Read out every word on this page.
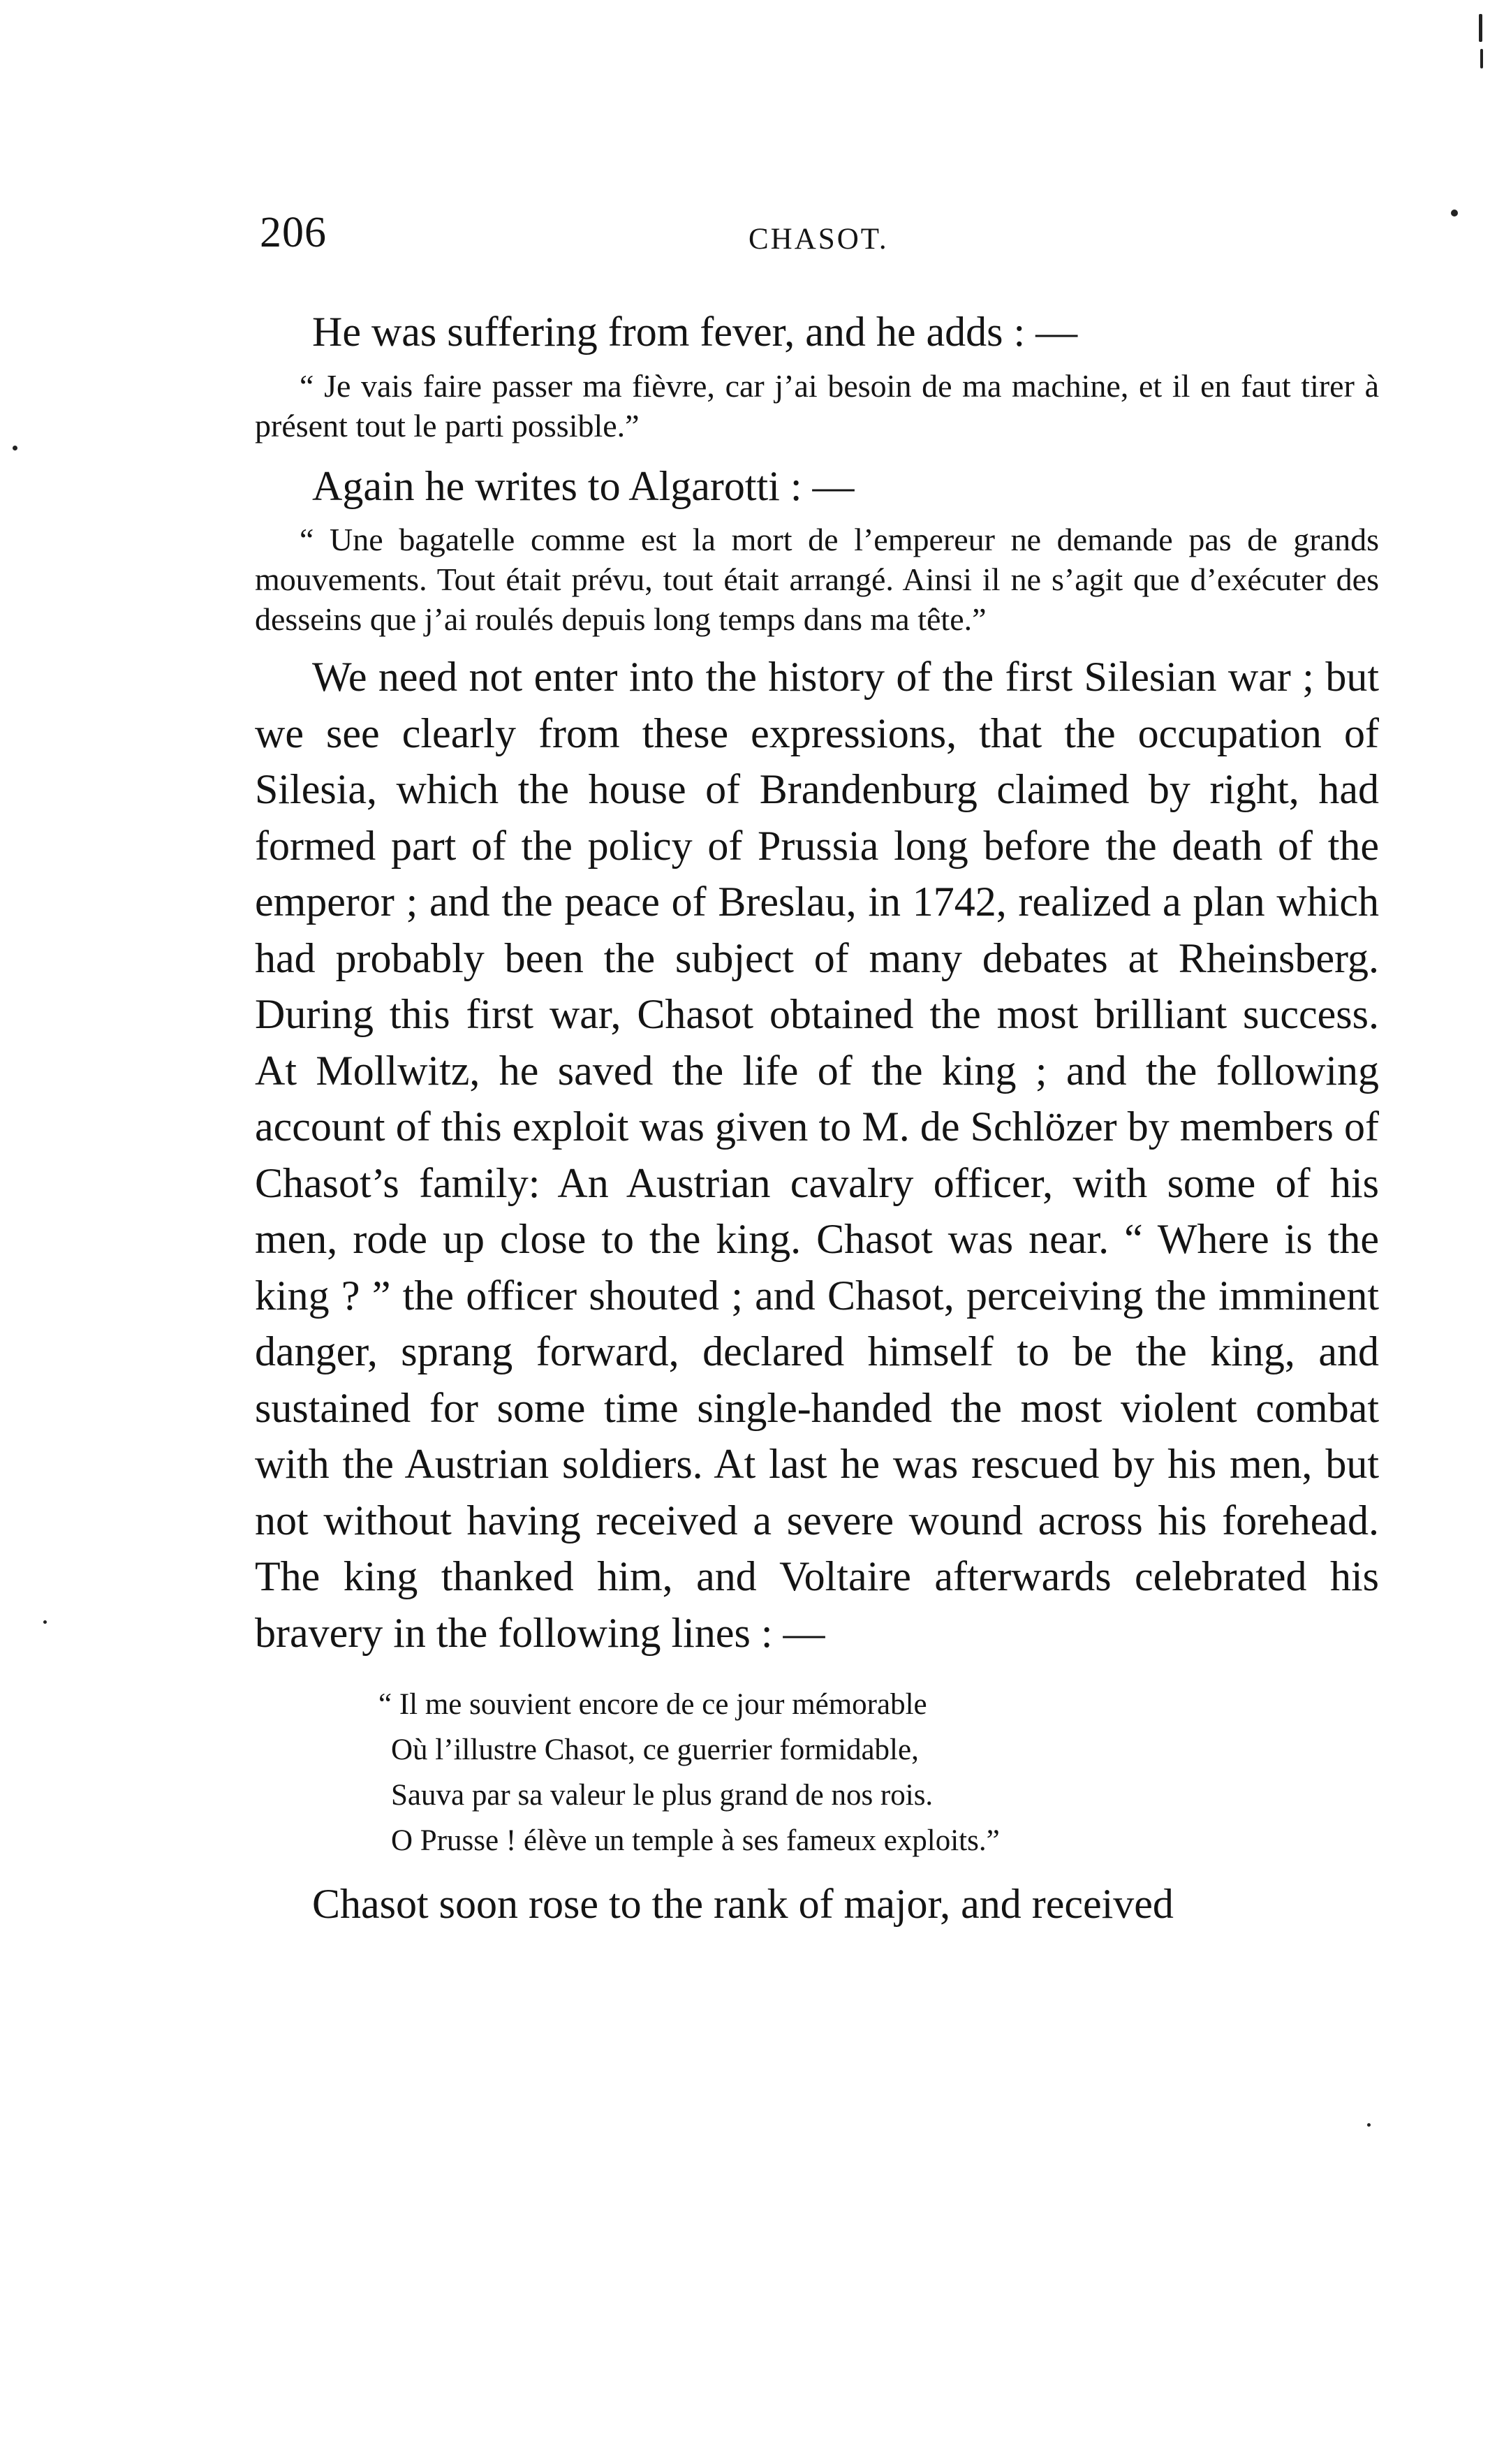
206	CHASOT.

He was suffering from fever, and he adds : —

“ Je vais faire passer ma fièvre, car j’ai besoin de ma machine, et il en faut tirer à présent tout le parti possible.”

Again he writes to Algarotti : —

“ Une bagatelle comme est la mort de l’empereur ne demande pas de grands mouvements. Tout était prévu, tout était arrangé. Ainsi il ne s’agit que d’exécuter des desseins que j’ai roulés depuis long temps dans ma tête.”

We need not enter into the history of the first Silesian war ; but we see clearly from these expressions, that the occupation of Silesia, which the house of Brandenburg claimed by right, had formed part of the policy of Prussia long before the death of the emperor ; and the peace of Breslau, in 1742, realized a plan which had probably been the subject of many debates at Rheinsberg. During this first war, Chasot obtained the most brilliant success. At Mollwitz, he saved the life of the king ; and the following account of this exploit was given to M. de Schlözer by members of Chasot’s family: An Austrian cavalry officer, with some of his men, rode up close to the king. Chasot was near. “ Where is the king ? ” the officer shouted ; and Chasot, perceiving the imminent danger, sprang forward, declared himself to be the king, and sustained for some time single-handed the most violent combat with the Austrian soldiers. At last he was rescued by his men, but not without having received a severe wound across his forehead. The king thanked him, and Voltaire afterwards celebrated his bravery in the following lines : —

“ Il me souvient encore de ce jour mémorable
Où l’illustre Chasot, ce guerrier formidable,
Sauva par sa valeur le plus grand de nos rois.
O Prusse ! élève un temple à ses fameux exploits.”

Chasot soon rose to the rank of major, and received
